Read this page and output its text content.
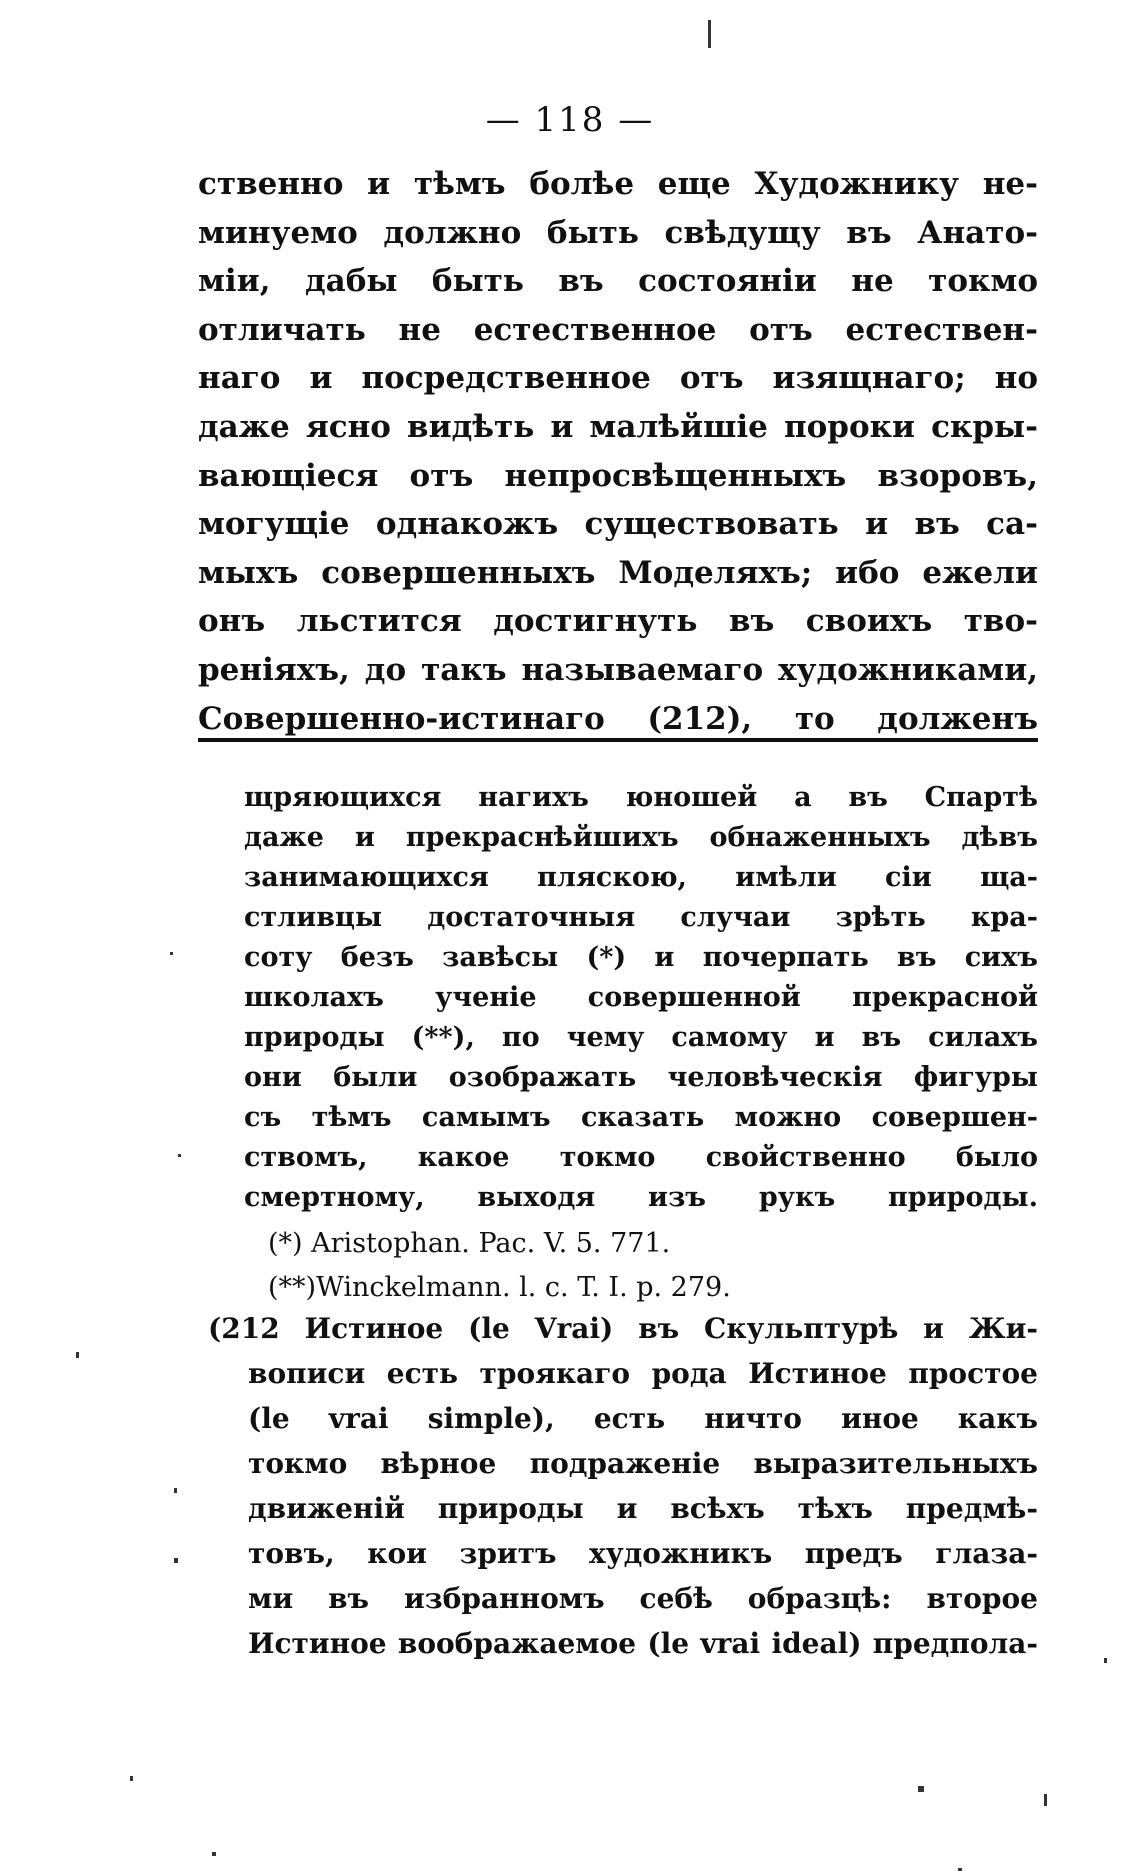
— 118 —
ственно и тѣмъ болѣе еще Художнику не-
минуемо должно быть свѣдущу въ Анато-
міи, дабы быть въ состояніи не токмо
отличать не естественное отъ естествен-
наго и посредственное отъ изящнаго; но
даже ясно видѣть и малѣйшіе пороки скры-
вающіеся отъ непросвѣщенныхъ взоровъ,
могущіе однакожъ существовать и въ са-
мыхъ совершенныхъ Моделяхъ; ибо ежели
онъ льстится достигнуть въ своихъ тво-
реніяхъ, до такъ называемаго художниками,
Совершенно-истинаго (212), то долженъ
щряющихся нагихъ юношей а въ Спартѣ
даже и прекраснѣйшихъ обнаженныхъ дѣвъ
занимающихся пляскою, имѣли сіи ща-
стливцы достаточныя случаи зрѣть кра-
соту безъ завѣсы (*) и почерпать въ сихъ
школахъ ученіе совершенной прекрасной
природы (**), по чему самому и въ силахъ
они были озображать человѣческія фигуры
съ тѣмъ самымъ сказать можно совершен-
ствомъ, какое токмо свойственно было
смертному, выходя изъ рукъ природы.
(*) Aristophan. Pac. V. 5. 771.
(**)Winckelmann. l. c. T. I. p. 279.
(212 Истиное (le Vrai) въ Скульптурѣ и Жи-
вописи есть троякаго рода Истиное простое
(le vrai simple), есть ничто иное какъ
токмо вѣрное подраженіе выразительныхъ
движеній природы и всѣхъ тѣхъ предмѣ-
товъ, кои зритъ художникъ предъ глаза-
ми въ избранномъ себѣ образцѣ: второе
Истиное воображаемое (le vrai ideal) предпола-
